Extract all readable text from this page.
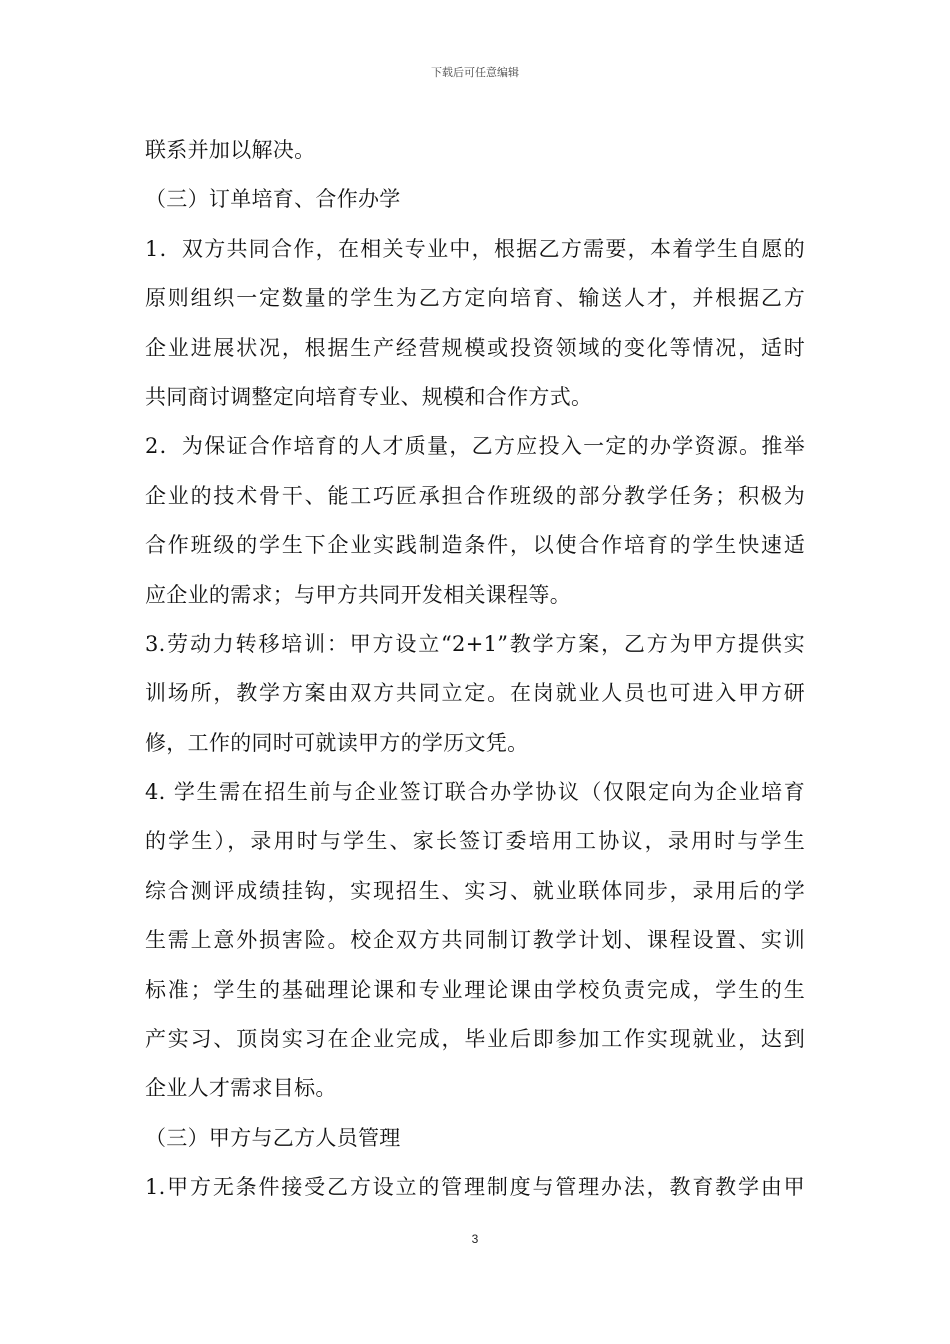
下载后可任意编辑
联系并加以解决。
（三）订单培育、合作办学
1．双方共同合作，在相关专业中，根据乙方需要，本着学生自愿的
原则组织一定数量的学生为乙方定向培育、输送人才，并根据乙方
企业进展状况，根据生产经营规模或投资领域的变化等情况，适时
共同商讨调整定向培育专业、规模和合作方式。
2．为保证合作培育的人才质量，乙方应投入一定的办学资源。推举
企业的技术骨干、能工巧匠承担合作班级的部分教学任务；积极为
合作班级的学生下企业实践制造条件，以使合作培育的学生快速适
应企业的需求；与甲方共同开发相关课程等。
3.劳动力转移培训：甲方设立“2+1”教学方案，乙方为甲方提供实
训场所，教学方案由双方共同立定。在岗就业人员也可进入甲方研
修，工作的同时可就读甲方的学历文凭。
4. 学生需在招生前与企业签订联合办学协议（仅限定向为企业培育
的学生），录用时与学生、家长签订委培用工协议，录用时与学生
综合测评成绩挂钩，实现招生、实习、就业联体同步，录用后的学
生需上意外损害险。校企双方共同制订教学计划、课程设置、实训
标准；学生的基础理论课和专业理论课由学校负责完成，学生的生
产实习、顶岗实习在企业完成，毕业后即参加工作实现就业，达到
企业人才需求目标。
（三）甲方与乙方人员管理
1.甲方无条件接受乙方设立的管理制度与管理办法，教育教学由甲
3
